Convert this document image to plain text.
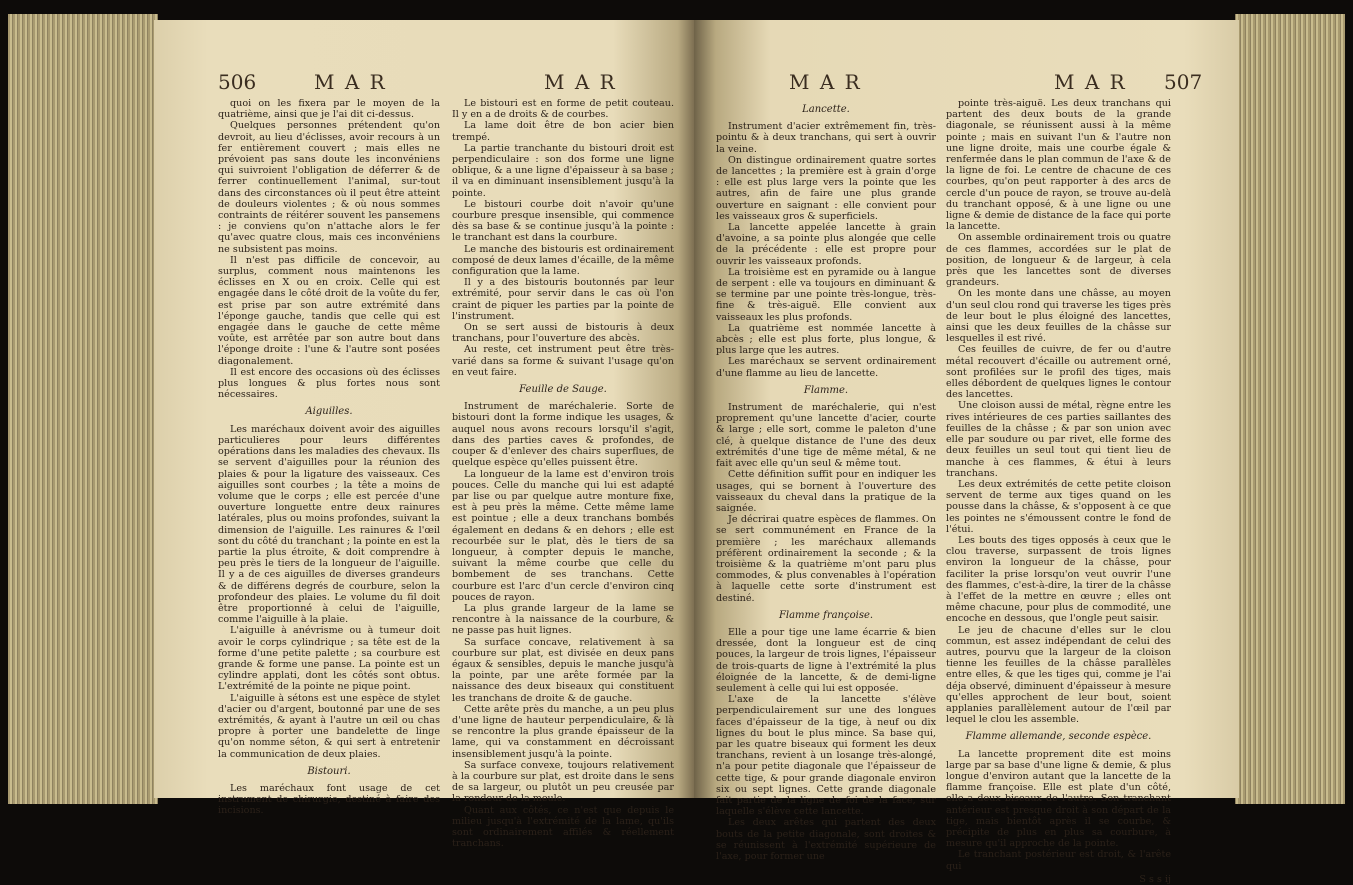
506	M A R	M A R

quoi on les fixera par le moyen de la quatrième, ainsi que je l'ai dit ci-dessus.

Quelques personnes prétendent qu'on devroit, au lieu d'éclisses, avoir recours à un fer entièrement couvert ; mais elles ne prévoient pas sans doute les inconvéniens qui suivroient l'obligation de déferrer & de ferrer continuellement l'animal, sur-tout dans des circonstances où il peut être atteint de douleurs violentes ; & où nous sommes contraints de réitérer souvent les pansemens : je conviens qu'on n'attache alors le fer qu'avec quatre clous, mais ces inconvéniens ne subsistent pas moins.

Il n'est pas difficile de concevoir, au surplus, comment nous maintenons les éclisses en X ou en croix. Celle qui est engagée dans le côté droit de la voûte du fer, est prise par son autre extrémité dans l'éponge gauche, tandis que celle qui est engagée dans le gauche de cette même voûte, est arrêtée par son autre bout dans l'éponge droite : l'une & l'autre sont posées diagonalement.

Il est encore des occasions où des éclisses plus longues & plus fortes nous sont nécessaires.

Aiguilles.

Les maréchaux doivent avoir des aiguilles particulieres pour leurs différentes opérations dans les maladies des chevaux. Ils se servent d'aiguilles pour la réunion des plaies & pour la ligature des vaisseaux. Ces aiguilles sont courbes ; la tête a moins de volume que le corps ; elle est percée d'une ouverture longuette entre deux rainures latérales, plus ou moins profondes, suivant la dimension de l'aiguille. Les rainures & l'œil sont du côté du tranchant ; la pointe en est la partie la plus étroite, & doit comprendre à peu près le tiers de la longueur de l'aiguille. Il y a de ces aiguilles de diverses grandeurs & de différens degrés de courbure, selon la profondeur des plaies. Le volume du fil doit être proportionné à celui de l'aiguille, comme l'aiguille à la plaie.

L'aiguille à anévrisme ou à tumeur doit avoir le corps cylindrique ; sa tête est de la forme d'une petite palette ; sa courbure est grande & forme une panse. La pointe est un cylindre applati, dont les côtés sont obtus. L'extrémité de la pointe ne pique point.

L'aiguille à sétons est une espèce de stylet d'acier ou d'argent, boutonné par une de ses extrémités, & ayant à l'autre un œil ou chas propre à porter une bandelette de linge qu'on nomme séton, & qui sert à entretenir la communication de deux plaies.

Bistouri.

Les maréchaux font usage de cet instrument de chirurgie, destiné à faire des incisions.

Le bistouri est en forme de petit couteau. Il y en a de droits & de courbes.

La lame doit être de bon acier bien trempé.

La partie tranchante du bistouri droit est perpendiculaire : son dos forme une ligne oblique, & a une ligne d'épaisseur à sa base ; il va en diminuant insensiblement jusqu'à la pointe.

Le bistouri courbe doit n'avoir qu'une courbure presque insensible, qui commence dès sa base & se continue jusqu'à la pointe : le tranchant est dans la courbure.

Le manche des bistouris est ordinairement composé de deux lames d'écaille, de la même configuration que la lame.

Il y a des bistouris boutonnés par leur extrémité, pour servir dans le cas où l'on craint de piquer les parties par la pointe de l'instrument.

On se sert aussi de bistouris à deux tranchans, pour l'ouverture des abcès.

Au reste, cet instrument peut être très-varié dans sa forme & suivant l'usage qu'on en veut faire.

Feuille de Sauge.

Instrument de maréchalerie. Sorte de bistouri dont la forme indique les usages, & auquel nous avons recours lorsqu'il s'agit, dans des parties caves & profondes, de couper & d'enlever des chairs superflues, de quelque espèce qu'elles puissent être.

La longueur de la lame est d'environ trois pouces. Celle du manche qui lui est adapté par lise ou par quelque autre monture fixe, est à peu près la même. Cette même lame est pointue ; elle a deux tranchans bombés également en dedans & en dehors ; elle est recourbée sur le plat, dès le tiers de sa longueur, à compter depuis le manche, suivant la même courbe que celle du bombement de ses tranchans. Cette courbure est l'arc d'un cercle d'environ cinq pouces de rayon.

La plus grande largeur de la lame se rencontre à la naissance de la courbure, & ne passe pas huit lignes.

Sa surface concave, relativement à sa courbure sur plat, est divisée en deux pans égaux & sensibles, depuis le manche jusqu'à la pointe, par une arête formée par la naissance des deux biseaux qui constituent les tranchans de droite & de gauche.

Cette arête près du manche, a un peu plus d'une ligne de hauteur perpendiculaire, & là se rencontre la plus grande épaisseur de la lame, qui va constamment en décroissant insensiblement jusqu'à la pointe.

Sa surface convexe, toujours relativement à la courbure sur plat, est droite dans le sens de sa largeur, ou plutôt un peu creusée par la rondeur de la meule.

Quant aux côtés, ce n'est que depuis le milieu jusqu'à l'extrémité de la lame, qu'ils sont ordinairement affilés & réellement tranchans.

M A R	M A R 507
Lancette.

Instrument d'acier extrêmement fin, très-pointu & à deux tranchans, qui sert à ouvrir la veine.

On distingue ordinairement quatre sortes de lancettes ; la première est à grain d'orge : elle est plus large vers la pointe que les autres, afin de faire une plus grande ouverture en saignant : elle convient pour les vaisseaux gros & superficiels.

La lancette appelée lancette à grain d'avoine, a sa pointe plus alongée que celle de la précédente : elle est propre pour ouvrir les vaisseaux profonds.

La troisième est en pyramide ou à langue de serpent : elle va toujours en diminuant & se termine par une pointe très-longue, très-fine & très-aiguë. Elle convient aux vaisseaux les plus profonds.

La quatrième est nommée lancette à abcès ; elle est plus forte, plus longue, & plus large que les autres.

Les maréchaux se servent ordinairement d'une flamme au lieu de lancette.

Flamme.

Instrument de maréchalerie, qui n'est proprement qu'une lancette d'acier, courte & large ; elle sort, comme le paleton d'une clé, à quelque distance de l'une des deux extrémités d'une tige de même métal, & ne fait avec elle qu'un seul & même tout.

Cette définition suffit pour en indiquer les usages, qui se bornent à l'ouverture des vaisseaux du cheval dans la pratique de la saignée.

Je décrirai quatre espèces de flammes. On se sert communément en France de la première ; les maréchaux allemands préfèrent ordinairement la seconde ; & la troisième & la quatrième m'ont paru plus commodes, & plus convenables à l'opération à laquelle cette sorte d'instrument est destiné.

Flamme françoise.

Elle a pour tige une lame écarrie & bien dressée, dont la longueur est de cinq pouces, la largeur de trois lignes, l'épaisseur de trois-quarts de ligne à l'extrémité la plus éloignée de la lancette, & de demi-ligne seulement à celle qui lui est opposée.

L'axe de la lancette s'élève perpendiculairement sur une des longues faces d'épaisseur de la tige, à neuf ou dix lignes du bout le plus mince. Sa base qui, par les quatre biseaux qui forment les deux tranchans, revient à un losange très-alongé, n'a pour petite diagonale que l'épaisseur de cette tige, & pour grande diagonale environ six ou sept lignes. Cette grande diagonale fait partie de la ligne de foi de la face, sur laquelle s'élève cette lancette.

Les deux arêtes qui partent des deux bouts de la petite diagonale, sont droites & se réunissent à l'extrémité supérieure de l'axe, pour former une

pointe très-aiguë. Les deux tranchans qui partent des deux bouts de la grande diagonale, se réunissent aussi à la même pointe ; mais en suivant l'un & l'autre non une ligne droite, mais une courbe égale & renfermée dans le plan commun de l'axe & de la ligne de foi. Le centre de chacune de ces courbes, qu'on peut rapporter à des arcs de cercle d'un pouce de rayon, se trouve au-delà du tranchant opposé, & à une ligne ou une ligne & demie de distance de la face qui porte la lancette.

On assemble ordinairement trois ou quatre de ces flammes, accordées sur le plat de position, de longueur & de largeur, à cela près que les lancettes sont de diverses grandeurs.

On les monte dans une châsse, au moyen d'un seul clou rond qui traverse les tiges près de leur bout le plus éloigné des lancettes, ainsi que les deux feuilles de la châsse sur lesquelles il est rivé.

Ces feuilles de cuivre, de fer ou d'autre métal recouvert d'écaille ou autrement orné, sont profilées sur le profil des tiges, mais elles débordent de quelques lignes le contour des lancettes.

Une cloison aussi de métal, règne entre les rives intérieures de ces parties saillantes des feuilles de la châsse ; & par son union avec elle par soudure ou par rivet, elle forme des deux feuilles un seul tout qui tient lieu de manche à ces flammes, & étui à leurs tranchans.

Les deux extrémités de cette petite cloison servent de terme aux tiges quand on les pousse dans la châsse, & s'opposent à ce que les pointes ne s'émoussent contre le fond de l'étui.

Les bouts des tiges opposés à ceux que le clou traverse, surpassent de trois lignes environ la longueur de la châsse, pour faciliter la prise lorsqu'on veut ouvrir l'une des flammes, c'est-à-dire, la tirer de la châsse à l'effet de la mettre en œuvre ; elles ont même chacune, pour plus de commodité, une encoche en dessous, que l'ongle peut saisir.

Le jeu de chacune d'elles sur le clou commun, est assez indépendant de celui des autres, pourvu que la largeur de la cloison tienne les feuilles de la châsse parallèles entre elles, & que les tiges qui, comme je l'ai déja observé, diminuent d'épaisseur à mesure qu'elles approchent de leur bout, soient applanies parallèlement autour de l'œil par lequel le clou les assemble.

Flamme allemande, seconde espèce.

La lancette proprement dite est moins large par sa base d'une ligne & demie, & plus longue d'environ autant que la lancette de la flamme françoise. Elle est plate d'un côté, elle a deux biseaux de l'autre. Son tranchant antérieur est presque droit à son départ de la tige, mais bientôt après il se courbe, & précipite de plus en plus sa courbure, à mesure qu'il approche de la pointe.

Le tranchant postérieur est droit, & l'arête qui

S s s ij
